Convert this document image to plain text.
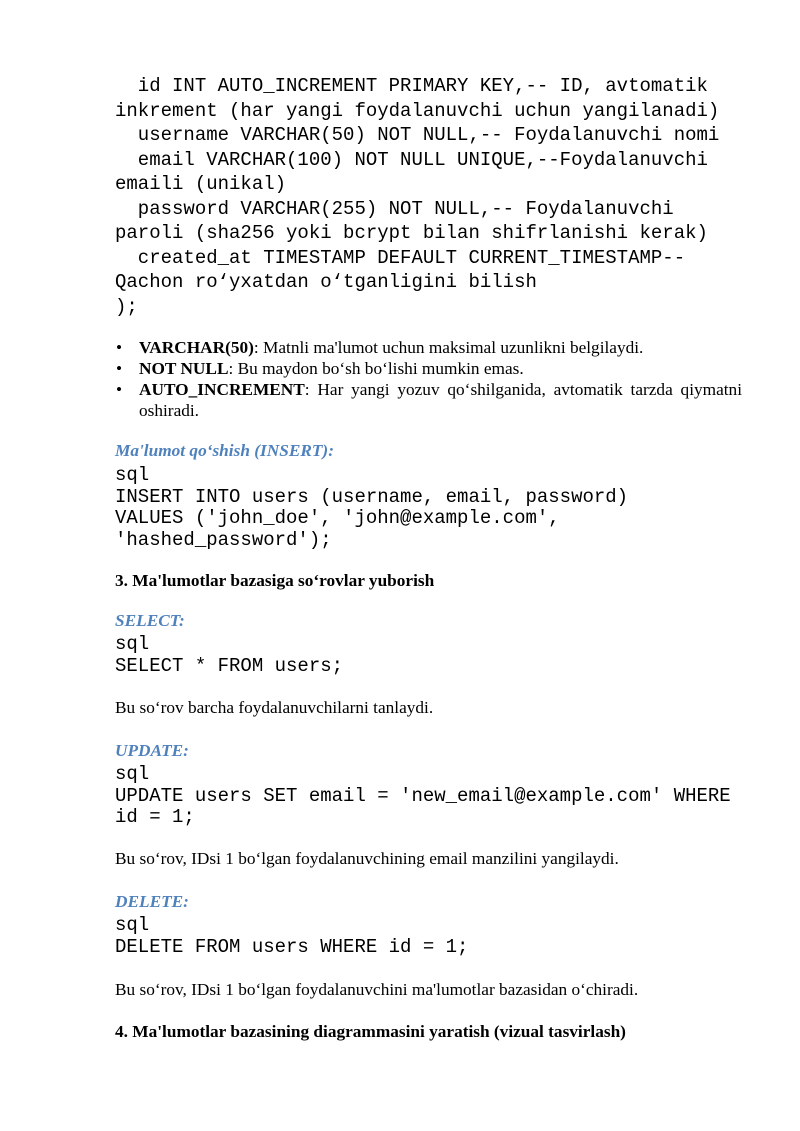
id INT AUTO_INCREMENT PRIMARY KEY,-- ID, avtomatik
inkrement (har yangi foydalanuvchi uchun yangilanadi)
username VARCHAR(50) NOT NULL,-- Foydalanuvchi nomi
email VARCHAR(100) NOT NULL UNIQUE,--Foydalanuvchi
emaili (unikal)
password VARCHAR(255) NOT NULL,-- Foydalanuvchi
paroli (sha256 yoki bcrypt bilan shifrlanishi kerak)
created_at TIMESTAMP DEFAULT CURRENT_TIMESTAMP--
Qachon ro‘yxatdan o‘tganligini bilish
);
• VARCHAR(50): Matnli ma'lumot uchun maksimal uzunlikni belgilaydi.
• NOT NULL: Bu maydon bo‘sh bo‘lishi mumkin emas.
• AUTO_INCREMENT: Har yangi yozuv qo‘shilganida, avtomatik tarzda qiymatni oshiradi.

Ma'lumot qo‘shish (INSERT):

sql
INSERT INTO users (username, email, password)
VALUES ('john_doe', 'john@example.com',
'hashed_password');

3. Ma'lumotlar bazasiga so‘rovlar yuborish

SELECT:

sql
SELECT * FROM users;

Bu so‘rov barcha foydalanuvchilarni tanlaydi.

UPDATE:

sql
UPDATE users SET email = 'new_email@example.com' WHERE
id = 1;

Bu so‘rov, IDsi 1 bo‘lgan foydalanuvchining email manzilini yangilaydi.

DELETE:

sql
DELETE FROM users WHERE id = 1;

Bu so‘rov, IDsi 1 bo‘lgan foydalanuvchini ma'lumotlar bazasidan o‘chiradi.

4. Ma'lumotlar bazasining diagrammasini yaratish (vizual tasvirlash)
